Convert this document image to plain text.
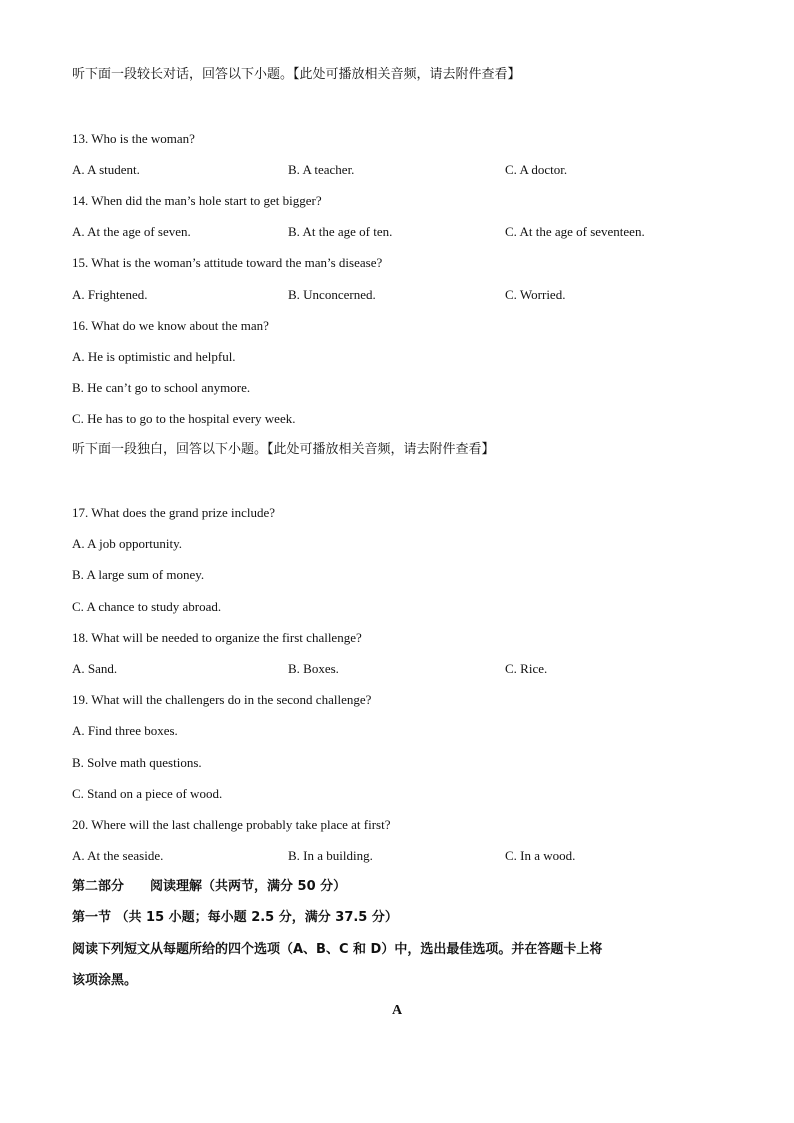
听下面一段较长对话，回答以下小题。【此处可播放相关音频，请去附件查看】
13. Who is the woman?
A. A student.	B. A teacher.	C. A doctor.
14. When did the man’s hole start to get bigger?
A. At the age of seven.	B. At the age of ten.	C. At the age of seventeen.
15. What is the woman’s attitude toward the man’s disease?
A. Frightened.	B. Unconcerned.	C. Worried.
16. What do we know about the man?
A. He is optimistic and helpful.
B. He can’t go to school anymore.
C. He has to go to the hospital every week.
听下面一段独白，回答以下小题。【此处可播放相关音频，请去附件查看】
17. What does the grand prize include?
A. A job opportunity.
B. A large sum of money.
C. A chance to study abroad.
18. What will be needed to organize the first challenge?
A. Sand.	B. Boxes.	C. Rice.
19. What will the challengers do in the second challenge?
A. Find three boxes.
B. Solve math questions.
C. Stand on a piece of wood.
20. Where will the last challenge probably take place at first?
A. At the seaside.	B. In a building.	C. In a wood.
第二部分 阅读理解（共两节，满分 50 分）
第一节 （共 15 小题；每小题 2.5 分，满分 37.5 分）
阅读下列短文从每题所给的四个选项（A、B、C 和 D）中，选出最佳选项。并在答题卡上将
该项涂黑。
A
